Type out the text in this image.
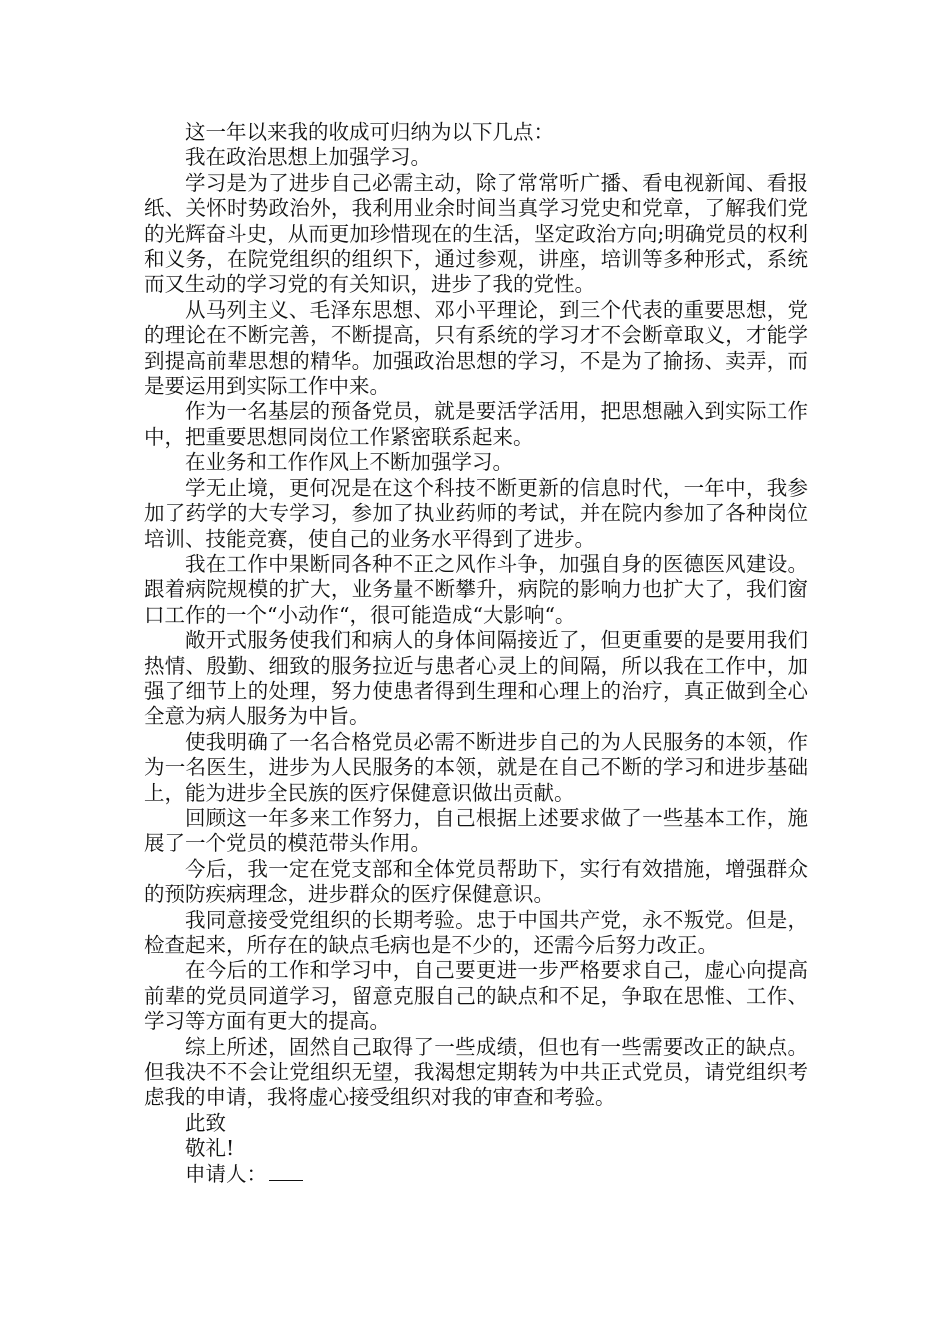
这一年以来我的收成可归纳为以下几点：

我在政治思想上加强学习。

学习是为了进步自己必需主动，除了常常听广播、看电视新闻、看报纸、关怀时势政治外，我利用业余时间当真学习党史和党章，了解我们党的光辉奋斗史，从而更加珍惜现在的生活，坚定政治方向;明确党员的权利和义务，在院党组织的组织下，通过参观，讲座，培训等多种形式，系统而又生动的学习党的有关知识，进步了我的党性。

从马列主义、毛泽东思想、邓小平理论，到三个代表的重要思想，党的理论在不断完善，不断提高，只有系统的学习才不会断章取义，才能学到提高前辈思想的精华。加强政治思想的学习，不是为了揄扬、卖弄，而是要运用到实际工作中来。

作为一名基层的预备党员，就是要活学活用，把思想融入到实际工作中，把重要思想同岗位工作紧密联系起来。

在业务和工作作风上不断加强学习。

学无止境，更何况是在这个科技不断更新的信息时代，一年中，我参加了药学的大专学习，参加了执业药师的考试，并在院内参加了各种岗位培训、技能竞赛，使自己的业务水平得到了进步。

我在工作中果断同各种不正之风作斗争，加强自身的医德医风建设。跟着病院规模的扩大，业务量不断攀升，病院的影响力也扩大了，我们窗口工作的一个“小动作“，很可能造成“大影响“。

敞开式服务使我们和病人的身体间隔接近了，但更重要的是要用我们热情、殷勤、细致的服务拉近与患者心灵上的间隔，所以我在工作中，加强了细节上的处理，努力使患者得到生理和心理上的治疗，真正做到全心全意为病人服务为中旨。

使我明确了一名合格党员必需不断进步自己的为人民服务的本领，作为一名医生，进步为人民服务的本领，就是在自己不断的学习和进步基础上，能为进步全民族的医疗保健意识做出贡献。

回顾这一年多来工作努力，自己根据上述要求做了一些基本工作，施展了一个党员的模范带头作用。

今后，我一定在党支部和全体党员帮助下，实行有效措施，增强群众的预防疾病理念，进步群众的医疗保健意识。

我同意接受党组织的长期考验。忠于中国共产党，永不叛党。但是，检查起来，所存在的缺点毛病也是不少的，还需今后努力改正。

在今后的工作和学习中，自己要更进一步严格要求自己，虚心向提高前辈的党员同道学习，留意克服自己的缺点和不足，争取在思惟、工作、学习等方面有更大的提高。

综上所述，固然自己取得了一些成绩，但也有一些需要改正的缺点。但我决不不会让党组织无望，我渴想定期转为中共正式党员，请党组织考虑我的申请，我将虚心接受组织对我的审查和考验。

此致

敬礼!

申请人：
